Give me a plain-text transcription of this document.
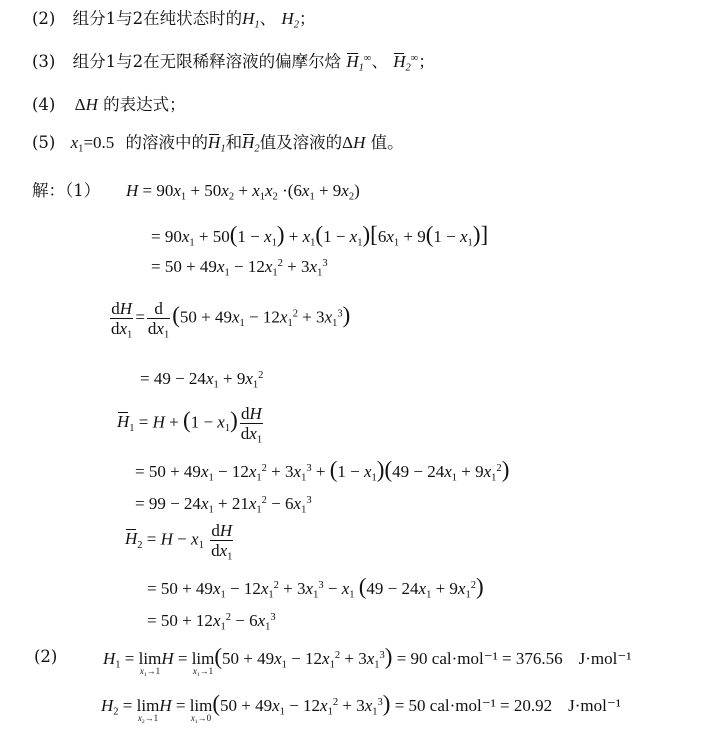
(2) 组分1与2在纯状态时的$H_1$、 $H_2$；
(3) 组分1与2在无限稀释溶液的偏摩尔焓 $H_1^\infty$、 $H_2^\infty$；
(4) ΔH 的表达式；
(5) $x_1=0.5$ 的溶液中的$H_1$和$H_2$值及溶液的ΔH 值。
解：（1） $H = 90x_1 + 50x_2 + x_1x_2 \cdot(6x_1 + 9x_2)$
= $90x_1 + 50(1 - x_1) + x_1(1 - x_1)[6x_1 + 9(1 - x_1)]$
= $50 + 49x_1 - 12x_1^2 + 3x_1^3$
$\frac{dH}{dx_1} = \frac{d}{dx_1} (50 + 49x_1 - 12x_1^2 + 3x_1^3)$
= $49 - 24x_1 + 9x_1^2$
$H_1 = H + (1 - x_1) \frac{dH}{dx_1}$
= $50 + 49x_1 - 12x_1^2 + 3x_1^3 + (1 - x_1)(49 - 24x_1 + 9x_1^2)$
= $99 - 24x_1 + 21x_1^2 - 6x_1^3$
$H_2 = H - x_1 \frac{dH}{dx_1}$
= $50 + 49x_1 - 12x_1^2 + 3x_1^3 - x_1$ $(49 - 24x_1 + 9x_1^2)$
= $50 + 12x_1^2 - 6x_1^3$
(2)	$H_1 = \lim$
$x_1\to 1$
H = lim
$x_1\to 1$
$(50 + 49x_1 - 12x_1^2 + 3x_1^3) = 90$ cal·mol⁻¹ = 376.56 J·mol⁻¹
$H_2 = \lim$
$x_2\to 1$
H = lim
$x_1\to 0$
$(50 + 49x_1 - 12x_1^2 + 3x_1^3) = 50$ cal·mol⁻¹ = 20.92 J·mol⁻¹
